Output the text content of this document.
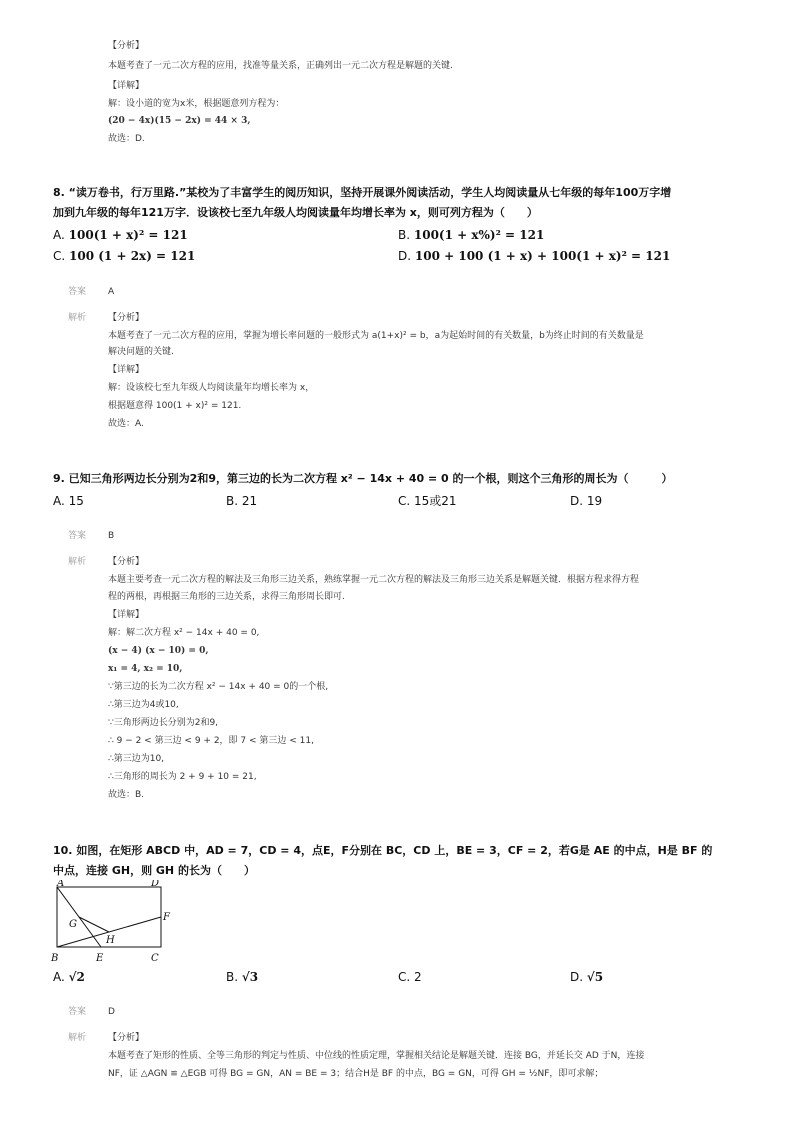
【分析】
本题考查了一元二次方程的应用，找准等量关系，正确列出一元二次方程是解题的关键.
【详解】
解：设小道的宽为x米，根据题意列方程为：
(20 − 4x)(15 − 2x) = 44 × 3,
故选：D.
8. “读万卷书，行万里路.”某校为了丰富学生的阅历知识，坚持开展课外阅读活动，学生人均阅读量从七年级的每年100万字增
加到九年级的每年121万字．设该校七至九年级人均阅读量年均增长率为 x，则可列方程为（　　）
A. 100(1 + x)² = 121	B. 100(1 + x%)² = 121
C. 100 (1 + 2x) = 121	D. 100 + 100 (1 + x) + 100(1 + x)² = 121
答案 A
解析 【分析】
本题考查了一元二次方程的应用，掌握为增长率问题的一般形式为 a(1+x)² = b，a为起始时间的有关数量，b为终止时间的有关数量是
解决问题的关键.
【详解】
解：设该校七至九年级人均阅读量年均增长率为 x，
根据题意得 100(1 + x)² = 121.
故选：A.
9. 已知三角形两边长分别为2和9，第三边的长为二次方程 x² − 14x + 40 = 0 的一个根，则这个三角形的周长为（　　　）
A. 15	B. 21	C. 15或21	D. 19
答案 B
解析 【分析】
本题主要考查一元二次方程的解法及三角形三边关系，熟练掌握一元二次方程的解法及三角形三边关系是解题关键．根据方程求得方程
程的两根，再根据三角形的三边关系，求得三角形周长即可.
【详解】
解：解二次方程 x² − 14x + 40 = 0,
(x − 4) (x − 10) = 0,
x₁ = 4, x₂ = 10,
∵第三边的长为二次方程 x² − 14x + 40 = 0的一个根,
∴第三边为4或10,
∵三角形两边长分别为2和9,
∴ 9 − 2 < 第三边 < 9 + 2，即 7 < 第三边 < 11,
∴第三边为10,
∴三角形的周长为 2 + 9 + 10 = 21,
故选：B.
10. 如图，在矩形 ABCD 中，AD = 7，CD = 4，点E，F分别在 BC，CD 上，BE = 3，CF = 2，若G是 AE 的中点，H是 BF 的
中点，连接 GH，则 GH 的长为（　　）
A	D
B	C
E
F
G
H
A. √2	B. √3	C. 2	D. √5
答案 D
解析 【分析】
本题考查了矩形的性质、全等三角形的判定与性质、中位线的性质定理，掌握相关结论是解题关键．连接 BG，并延长交 AD 于N，连接
NF，证 △AGN ≌ △EGB 可得 BG = GN，AN = BE = 3；结合H是 BF 的中点，BG = GN，可得 GH = ½NF，即可求解；
